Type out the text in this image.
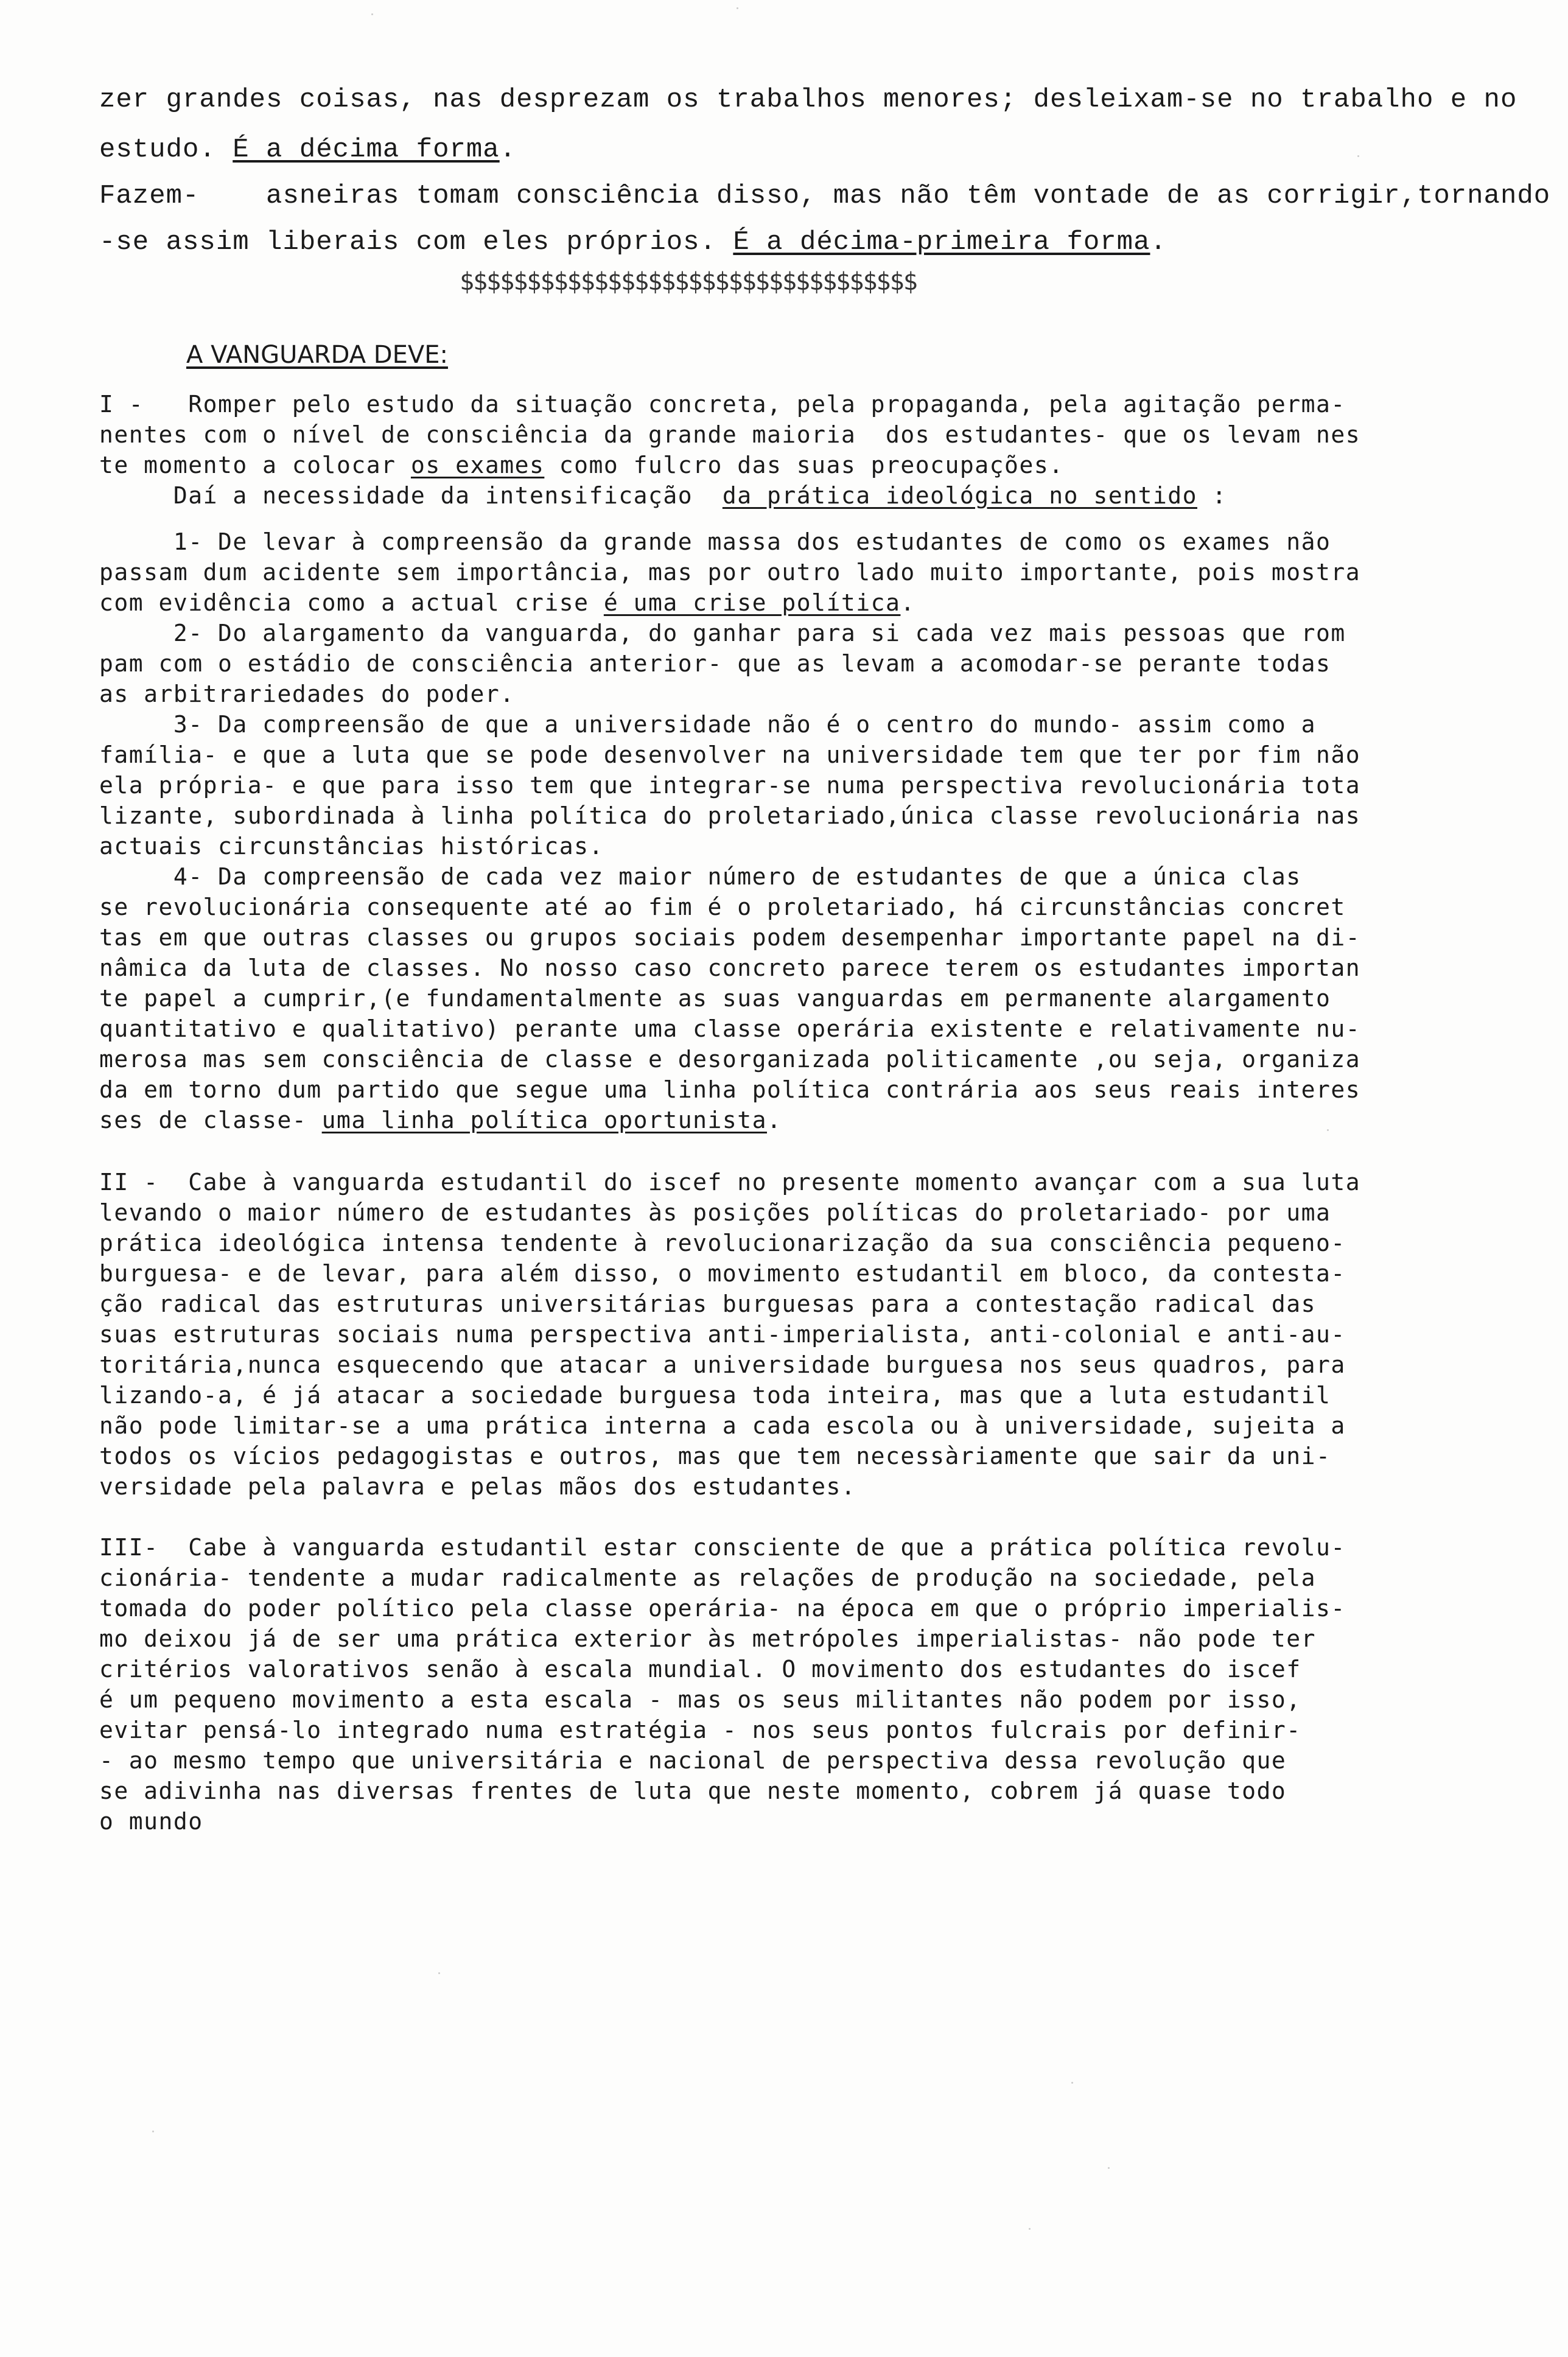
zer grandes coisas, nas desprezam os trabalhos menores; desleixam-se no trabalho e no
estudo. É a décima forma.
Fazem-    asneiras tomam consciência disso, mas não têm vontade de as corrigir,tornando
-se assim liberais com eles próprios. É a décima-primeira forma.
$$$$$$$$$$$$$$$$$$$$$$$$$$$$$$$$$$
A VANGUARDA DEVE:
I -   Romper pelo estudo da situação concreta, pela propaganda, pela agitação perma-
nentes com o nível de consciência da grande maioria  dos estudantes- que os levam nes
te momento a colocar os exames como fulcro das suas preocupações.
Daí a necessidade da intensificação  da prática ideológica no sentido :
1- De levar à compreensão da grande massa dos estudantes de como os exames não
passam dum acidente sem importância, mas por outro lado muito importante, pois mostra
com evidência como a actual crise é uma crise política.
2- Do alargamento da vanguarda, do ganhar para si cada vez mais pessoas que rom
pam com o estádio de consciência anterior- que as levam a acomodar-se perante todas
as arbitrariedades do poder.
3- Da compreensão de que a universidade não é o centro do mundo- assim como a
família- e que a luta que se pode desenvolver na universidade tem que ter por fim não
ela própria- e que para isso tem que integrar-se numa perspectiva revolucionária tota
lizante, subordinada à linha política do proletariado,única classe revolucionária nas
actuais circunstâncias históricas.
4- Da compreensão de cada vez maior número de estudantes de que a única clas
se revolucionária consequente até ao fim é o proletariado, há circunstâncias concret
tas em que outras classes ou grupos sociais podem desempenhar importante papel na di-
nâmica da luta de classes. No nosso caso concreto parece terem os estudantes importan
te papel a cumprir,(e fundamentalmente as suas vanguardas em permanente alargamento
quantitativo e qualitativo) perante uma classe operária existente e relativamente nu-
merosa mas sem consciência de classe e desorganizada politicamente ,ou seja, organiza
da em torno dum partido que segue uma linha política contrária aos seus reais interes
ses de classe- uma linha política oportunista.
II -  Cabe à vanguarda estudantil do iscef no presente momento avançar com a sua luta
levando o maior número de estudantes às posições políticas do proletariado- por uma
prática ideológica intensa tendente à revolucionarização da sua consciência pequeno-
burguesa- e de levar, para além disso, o movimento estudantil em bloco, da contesta-
ção radical das estruturas universitárias burguesas para a contestação radical das
suas estruturas sociais numa perspectiva anti-imperialista, anti-colonial e anti-au-
toritária,nunca esquecendo que atacar a universidade burguesa nos seus quadros, para
lizando-a, é já atacar a sociedade burguesa toda inteira, mas que a luta estudantil
não pode limitar-se a uma prática interna a cada escola ou à universidade, sujeita a
todos os vícios pedagogistas e outros, mas que tem necessàriamente que sair da uni-
versidade pela palavra e pelas mãos dos estudantes.
III-  Cabe à vanguarda estudantil estar consciente de que a prática política revolu-
cionária- tendente a mudar radicalmente as relações de produção na sociedade, pela
tomada do poder político pela classe operária- na época em que o próprio imperialis-
mo deixou já de ser uma prática exterior às metrópoles imperialistas- não pode ter
critérios valorativos senão à escala mundial. O movimento dos estudantes do iscef
é um pequeno movimento a esta escala - mas os seus militantes não podem por isso,
evitar pensá-lo integrado numa estratégia - nos seus pontos fulcrais por definir-
- ao mesmo tempo que universitária e nacional de perspectiva dessa revolução que
se adivinha nas diversas frentes de luta que neste momento, cobrem já quase todo
o mundo
